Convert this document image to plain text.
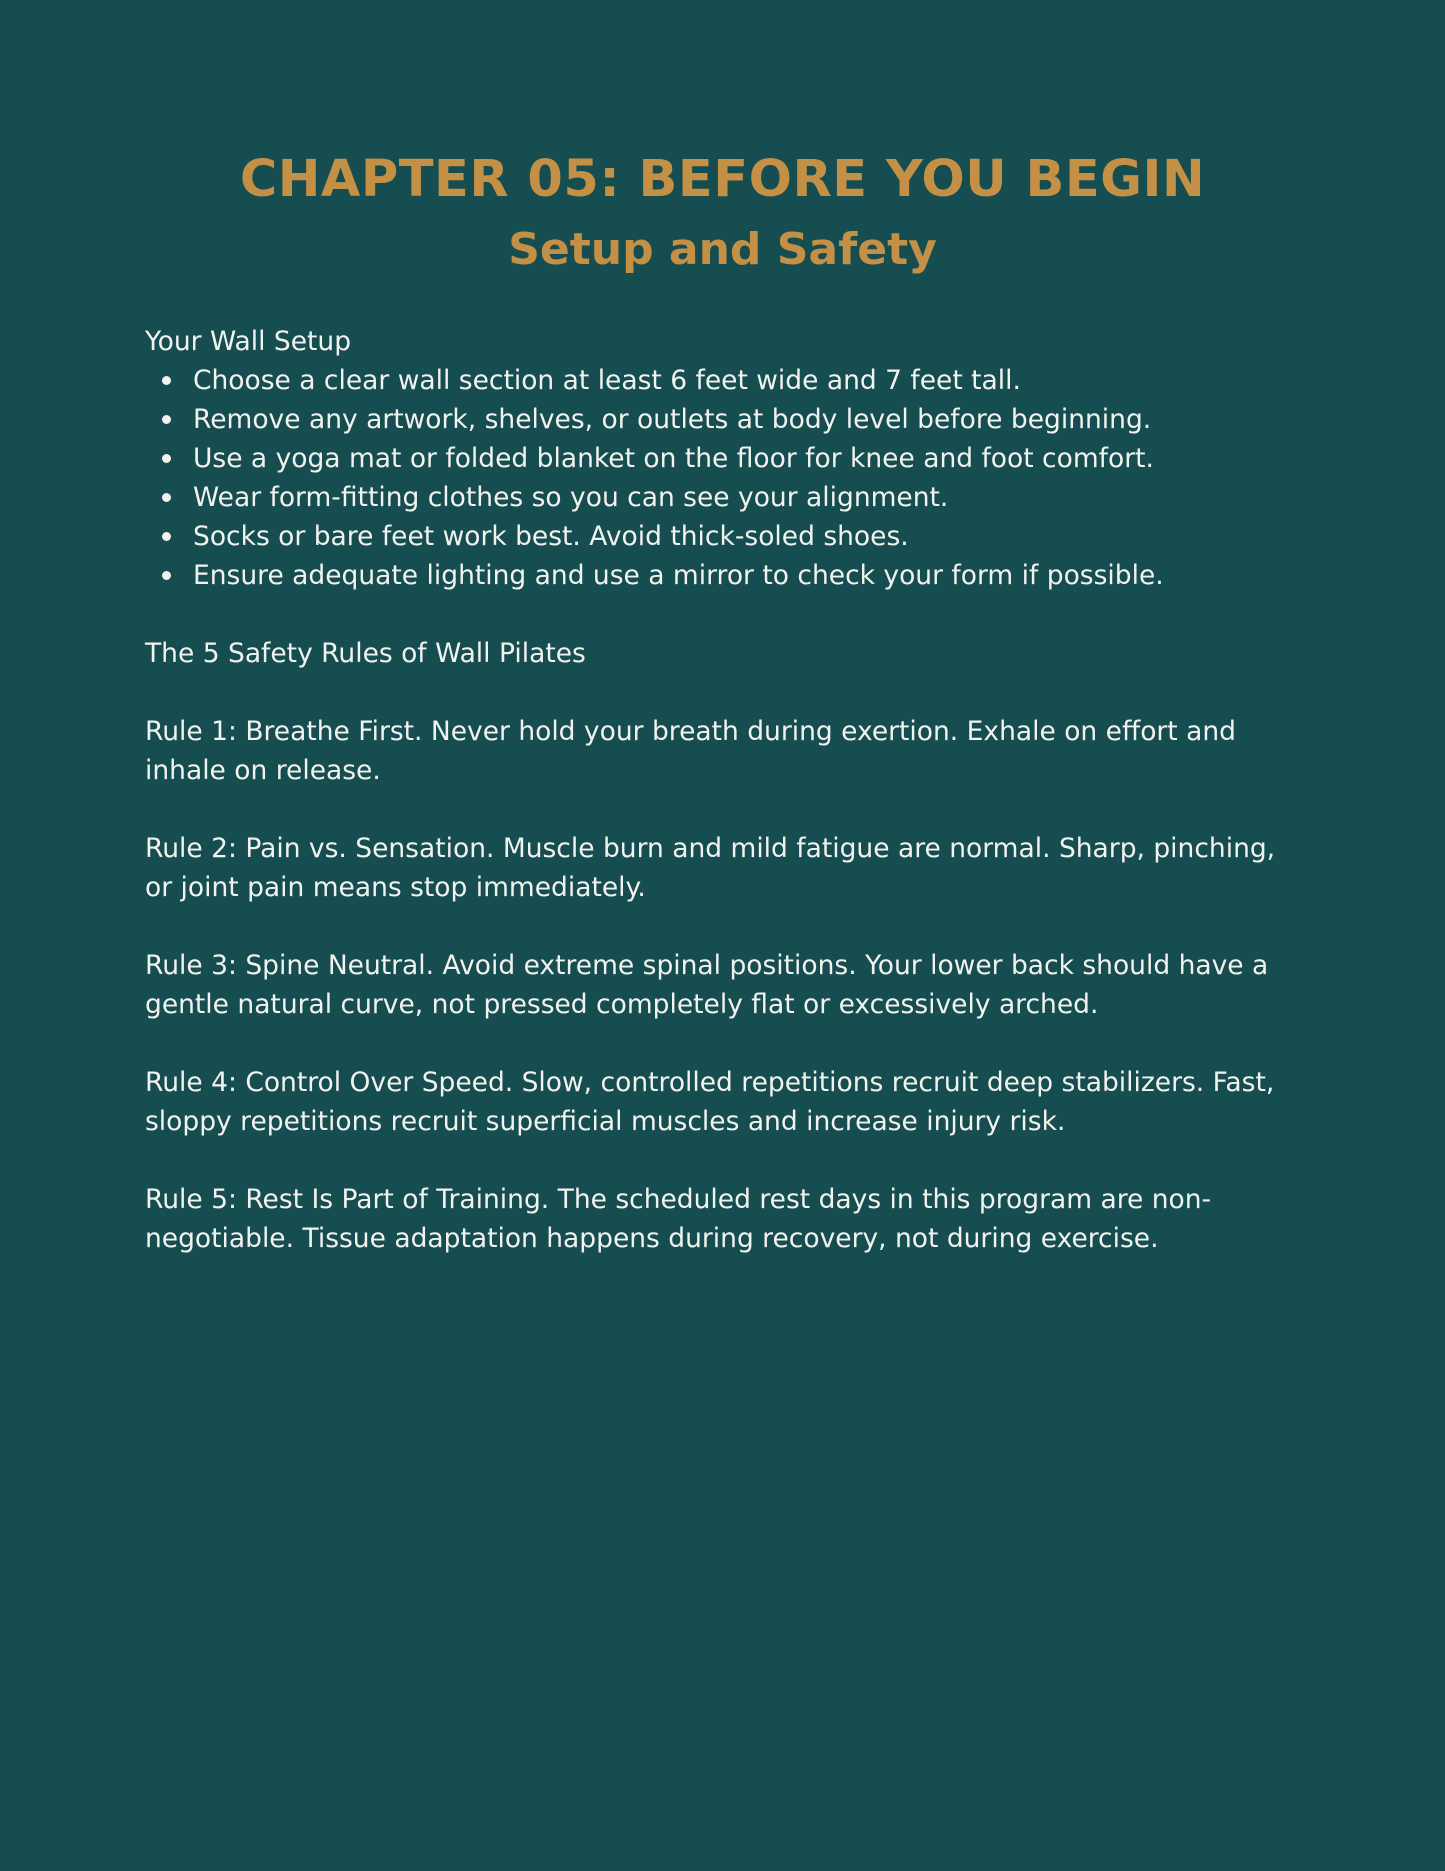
CHAPTER 05: BEFORE YOU BEGIN
Setup and Safety

Your Wall Setup

Choose a clear wall section at least 6 feet wide and 7 feet tall.
Remove any artwork, shelves, or outlets at body level before beginning.
Use a yoga mat or folded blanket on the floor for knee and foot comfort.
Wear form-fitting clothes so you can see your alignment.
Socks or bare feet work best. Avoid thick-soled shoes.
Ensure adequate lighting and use a mirror to check your form if possible.

The 5 Safety Rules of Wall Pilates

Rule 1: Breathe First. Never hold your breath during exertion. Exhale on effort and inhale on release.

Rule 2: Pain vs. Sensation. Muscle burn and mild fatigue are normal. Sharp, pinching, or joint pain means stop immediately.

Rule 3: Spine Neutral. Avoid extreme spinal positions. Your lower back should have a gentle natural curve, not pressed completely flat or excessively arched.

Rule 4: Control Over Speed. Slow, controlled repetitions recruit deep stabilizers. Fast, sloppy repetitions recruit superficial muscles and increase injury risk.

Rule 5: Rest Is Part of Training. The scheduled rest days in this program are non-negotiable. Tissue adaptation happens during recovery, not during exercise.
